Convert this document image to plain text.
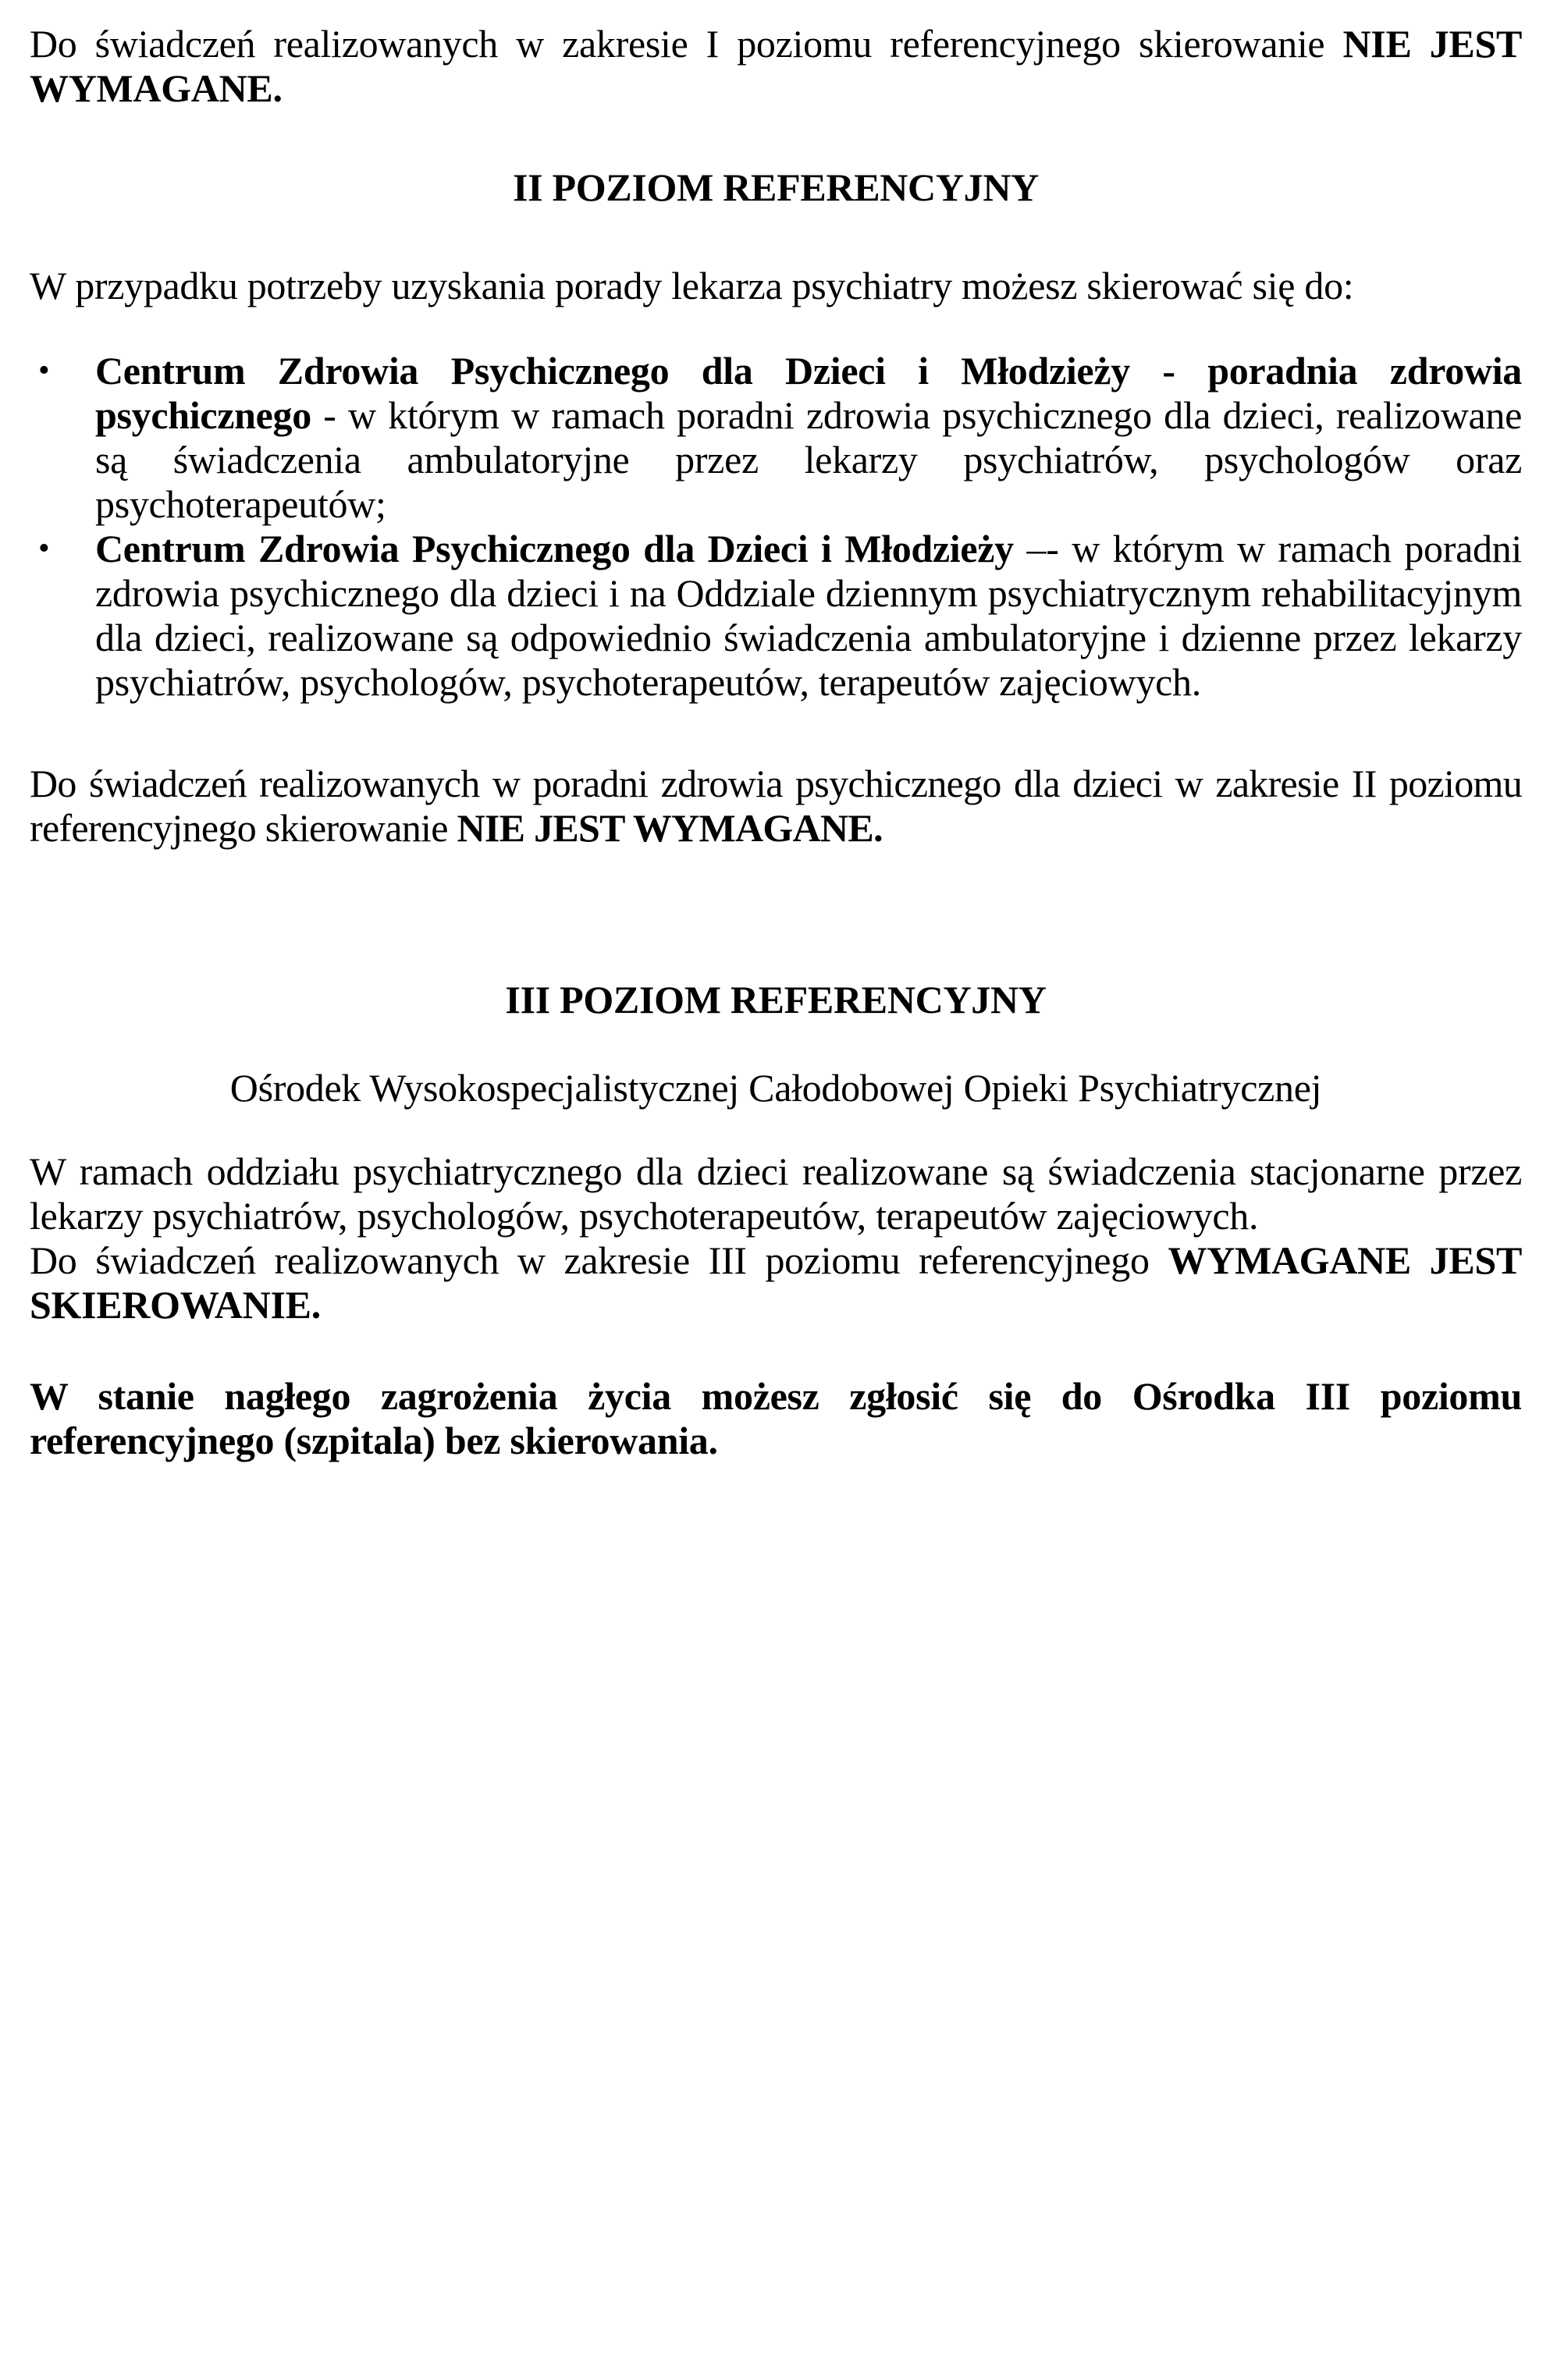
Do świadczeń realizowanych w zakresie I poziomu referencyjnego skierowanie NIE JEST WYMAGANE.

II POZIOM REFERENCYJNY

W przypadku potrzeby uzyskania porady lekarza psychiatry możesz skierować się do:

• Centrum Zdrowia Psychicznego dla Dzieci i Młodzieży - poradnia zdrowia psychicznego - w którym w ramach poradni zdrowia psychicznego dla dzieci, realizowane są świadczenia ambulatoryjne przez lekarzy psychiatrów, psychologów oraz psychoterapeutów;
• Centrum Zdrowia Psychicznego dla Dzieci i Młodzieży –- w którym w ramach poradni zdrowia psychicznego dla dzieci i na Oddziale dziennym psychiatrycznym rehabilitacyjnym dla dzieci, realizowane są odpowiednio świadczenia ambulatoryjne i dzienne przez lekarzy psychiatrów, psychologów, psychoterapeutów, terapeutów zajęciowych.

Do świadczeń realizowanych w poradni zdrowia psychicznego dla dzieci w zakresie II poziomu referencyjnego skierowanie NIE JEST WYMAGANE.

III POZIOM REFERENCYJNY

Ośrodek Wysokospecjalistycznej Całodobowej Opieki Psychiatrycznej

W ramach oddziału psychiatrycznego dla dzieci realizowane są świadczenia stacjonarne przez lekarzy psychiatrów, psychologów, psychoterapeutów, terapeutów zajęciowych.

Do świadczeń realizowanych w zakresie III poziomu referencyjnego WYMAGANE JEST SKIEROWANIE.

W stanie nagłego zagrożenia życia możesz zgłosić się do Ośrodka III poziomu referencyjnego (szpitala) bez skierowania.
